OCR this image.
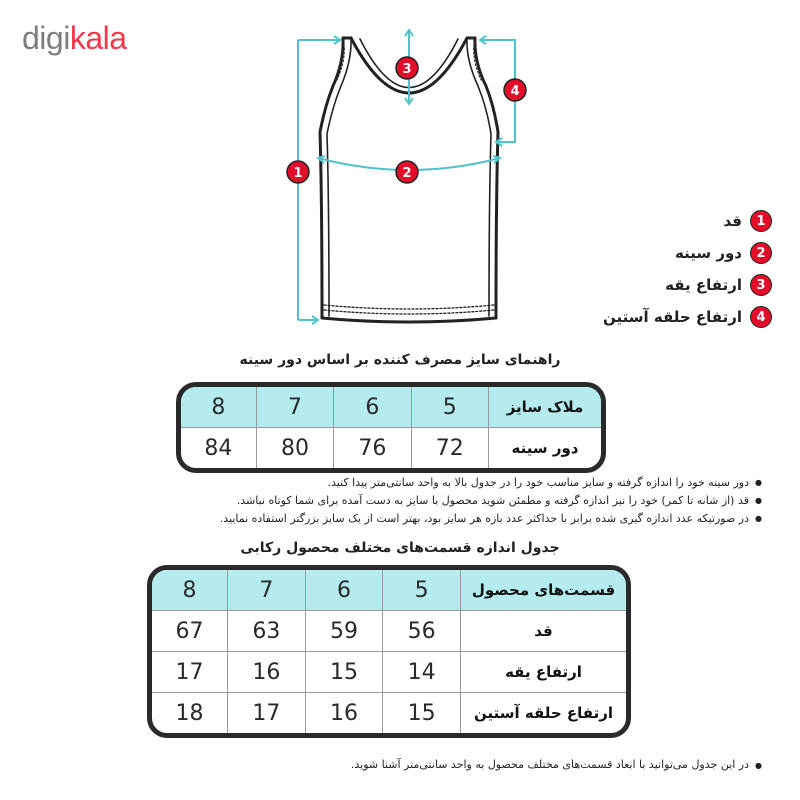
digikala
1	2
3
4
1
قد
2
دور سینه
3
ارتفاع یقه
4
ارتفاع حلقه آستین
راهنمای سایز مصرف کننده بر اساس دور سینه
ملاک سایز	5	6	7	8
دور سینه	72	76	80	84
● دور سینه خود را اندازه گرفته و سایز مناسب خود را در جدول بالا به واحد سانتی‌متر پیدا کنید.
● قد (از شانه تا کمر) خود را نیز اندازه گرفته و مطمئن شوید محصول با سایز به دست آمده برای شما کوتاه نباشد.
● در صورتیکه عدد اندازه گیری شده برابر با حداکثر عدد بازه هر سایز بود، بهتر است از یک سایز بزرگتر استفاده نمایید.
جدول اندازه قسمت‌های مختلف محصول رکابی
قسمت‌های محصول	5	6	7	8
قد	56	59	63	67
ارتفاع یقه	14	15	16	17
ارتفاع حلقه آستین	15	16	17	18
● در این جدول می‌توانید با ابعاد قسمت‌های مختلف محصول به واحد سانتی‌متر آشنا شوید.
